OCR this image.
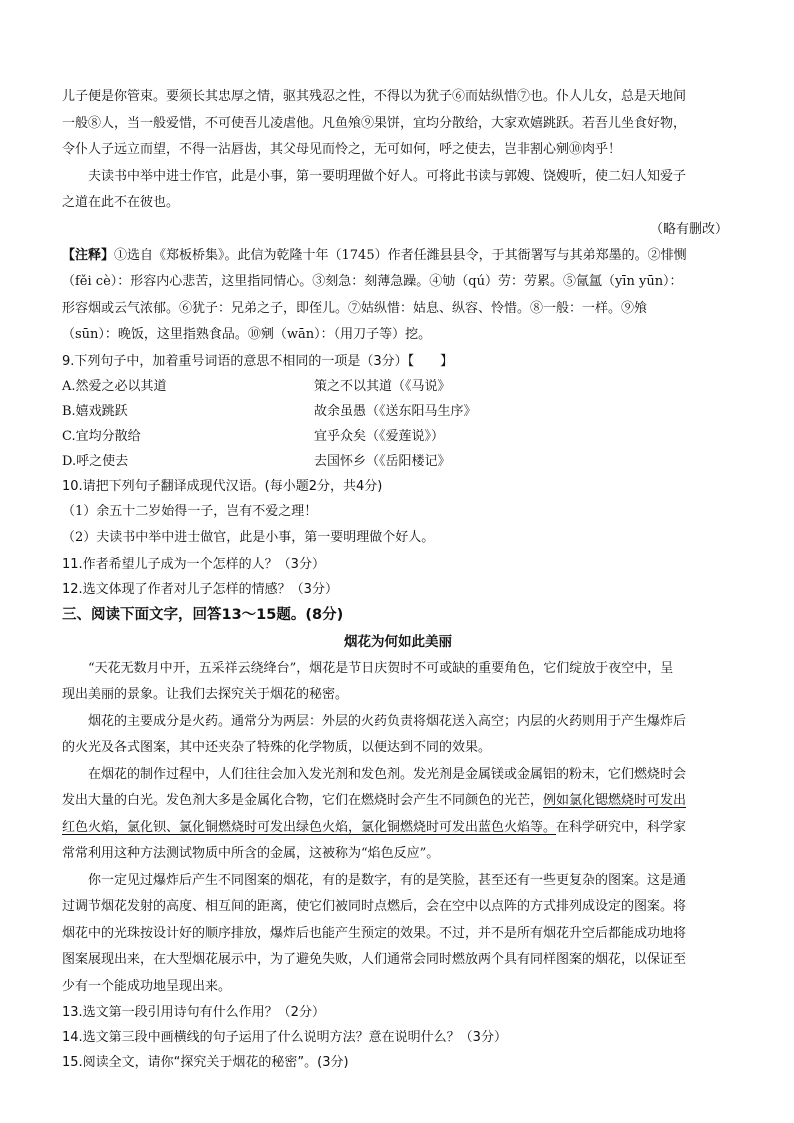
儿子便是你管束。要须长其忠厚之情，驱其残忍之性，不得以为犹子⑥而姑纵惜⑦也。仆人儿女，总是天地间

一般⑧人，当一般爱惜，不可使吾儿凌虐他。凡鱼飧⑨果饼，宜均分散给，大家欢嬉跳跃。若吾儿坐食好物，

令仆人子远立而望，不得一沾唇齿，其父母见而怜之，无可如何，呼之使去，岂非割心剜⑩肉乎！

夫读书中举中进士作官，此是小事，第一要明理做个好人。可将此书读与郭嫂、饶嫂听，使二妇人知爱子

之道在此不在彼也。

（略有删改）

【注释】①选自《郑板桥集》。此信为乾隆十年（1745）作者任潍县县令，于其衙署写与其弟郑墨的。②悱恻

（fěi cè）：形容内心悲苦，这里指同情心。③刻急：刻薄急躁。④劬（qú）劳：劳累。⑤氤氲（yīn yūn）：

形容烟或云气浓郁。⑥犹子：兄弟之子，即侄儿。⑦姑纵惜：姑息、纵容、怜惜。⑧一般：一样。⑨飧

（sūn）：晚饭，这里指熟食品。⑩剜（wān）：（用刀子等）挖。

9.下列句子中，加着重号词语的意思不相同的一项是（3分）【　　】

A.然爱之必以其道	策之不以其道（《马说》
B.嬉戏跳跃	故余虽愚（《送东阳马生序》
C.宜均分散给	宜乎众矣（《爱莲说》）
D.呼之使去	去国怀乡（《岳阳楼记》

10.请把下列句子翻译成现代汉语。(每小题2分，共4分)

（1）余五十二岁始得一子，岂有不爱之理！

（2）夫读书中举中进士做官，此是小事，第一要明理做个好人。

11.作者希望儿子成为一个怎样的人？（3分）

12.选文体现了作者对儿子怎样的情感？（3分）

三、阅读下面文字，回答13～15题。(8分)

烟花为何如此美丽

“天花无数月中开，五采祥云绕绛台”，烟花是节日庆贺时不可或缺的重要角色，它们绽放于夜空中，呈

现出美丽的景象。让我们去探究关于烟花的秘密。

烟花的主要成分是火药。通常分为两层：外层的火药负责将烟花送入高空；内层的火药则用于产生爆炸后

的火光及各式图案，其中还夹杂了特殊的化学物质，以便达到不同的效果。

在烟花的制作过程中，人们往往会加入发光剂和发色剂。发光剂是金属镁或金属铝的粉末，它们燃烧时会

发出大量的白光。发色剂大多是金属化合物，它们在燃烧时会产生不同颜色的光芒，例如氯化锶燃烧时可发出

红色火焰，氯化钡、氯化铜燃烧时可发出绿色火焰，氯化铜燃烧时可发出蓝色火焰等。在科学研究中，科学家

常常利用这种方法测试物质中所含的金属，这被称为“焰色反应”。

你一定见过爆炸后产生不同图案的烟花，有的是数字，有的是笑脸，甚至还有一些更复杂的图案。这是通

过调节烟花发射的高度、相互间的距离，使它们被同时点燃后，会在空中以点阵的方式排列成设定的图案。将

烟花中的光珠按设计好的顺序排放，爆炸后也能产生预定的效果。不过，并不是所有烟花升空后都能成功地将

图案展现出来，在大型烟花展示中，为了避免失败，人们通常会同时燃放两个具有同样图案的烟花，以保证至

少有一个能成功地呈现出来。

13.选文第一段引用诗句有什么作用？（2分）

14.选文第三段中画横线的句子运用了什么说明方法？意在说明什么？（3分）

15.阅读全文，请你“探究关于烟花的秘密”。(3分)
